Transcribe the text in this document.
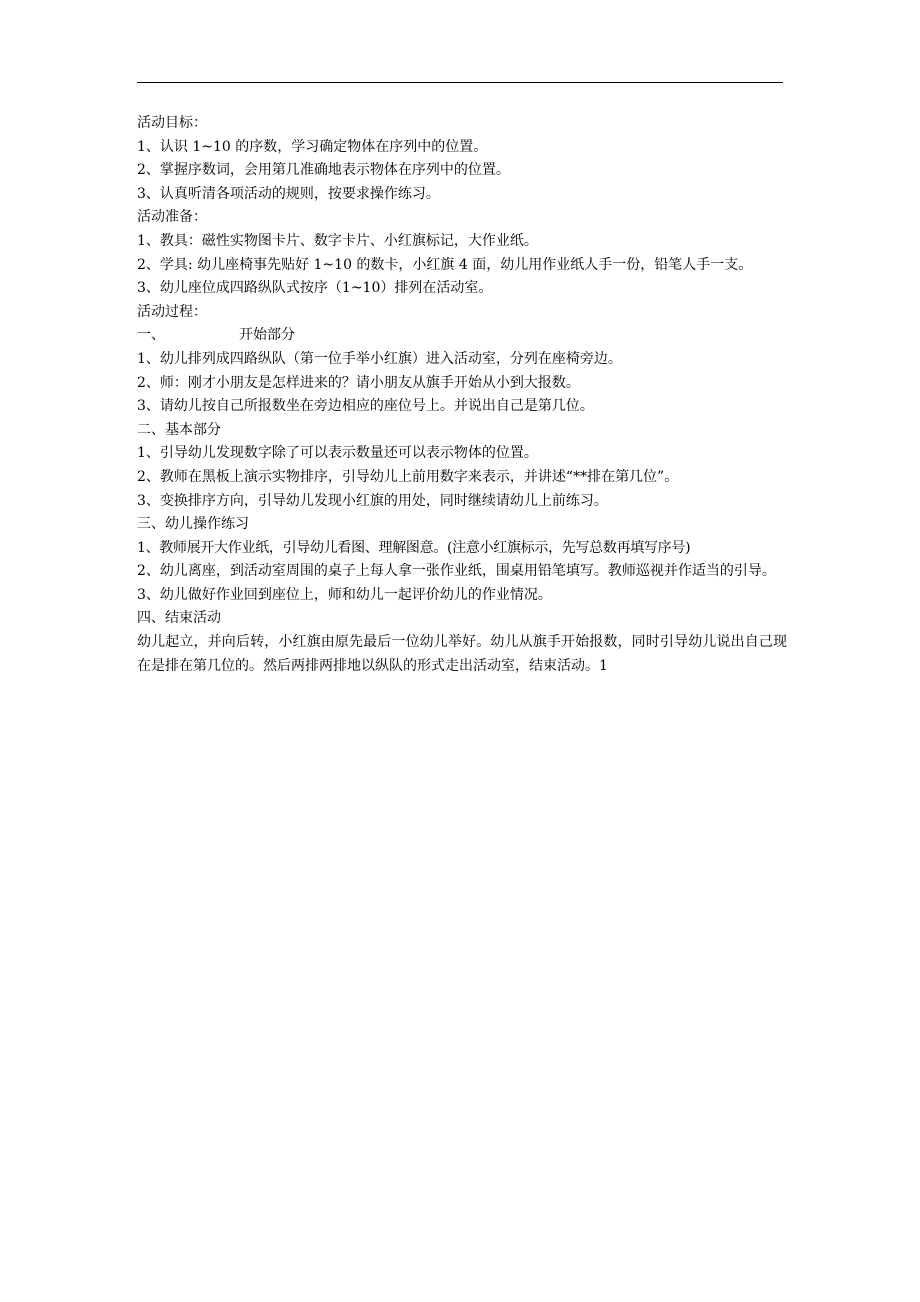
活动目标：
1、认识 1~10 的序数，学习确定物体在序列中的位置。
2、掌握序数词，会用第几准确地表示物体在序列中的位置。
3、认真听清各项活动的规则，按要求操作练习。
活动准备：
1、教具：磁性实物图卡片、数字卡片、小红旗标记，大作业纸。
2、学具: 幼儿座椅事先贴好 1~10 的数卡，小红旗 4 面，幼儿用作业纸人手一份，铅笔人手一支。
3、幼儿座位成四路纵队式按序（1~10）排列在活动室。
活动过程：
一、	开始部分
1、幼儿排列成四路纵队（第一位手举小红旗）进入活动室，分列在座椅旁边。
2、师：刚才小朋友是怎样进来的？请小朋友从旗手开始从小到大报数。
3、请幼儿按自己所报数坐在旁边相应的座位号上。并说出自己是第几位。
二、基本部分
1、引导幼儿发现数字除了可以表示数量还可以表示物体的位置。
2、教师在黑板上演示实物排序，引导幼儿上前用数字来表示，并讲述“**排在第几位”。
3、变换排序方向，引导幼儿发现小红旗的用处，同时继续请幼儿上前练习。
三、幼儿操作练习
1、教师展开大作业纸，引导幼儿看图、理解图意。(注意小红旗标示，先写总数再填写序号)
2、幼儿离座，到活动室周围的桌子上每人拿一张作业纸，围桌用铅笔填写。教师巡视并作适当的引导。
3、幼儿做好作业回到座位上，师和幼儿一起评价幼儿的作业情况。
四、结束活动
幼儿起立，并向后转，小红旗由原先最后一位幼儿举好。幼儿从旗手开始报数，同时引导幼儿说出自己现在是排在第几位的。然后两排两排地以纵队的形式走出活动室，结束活动。1
